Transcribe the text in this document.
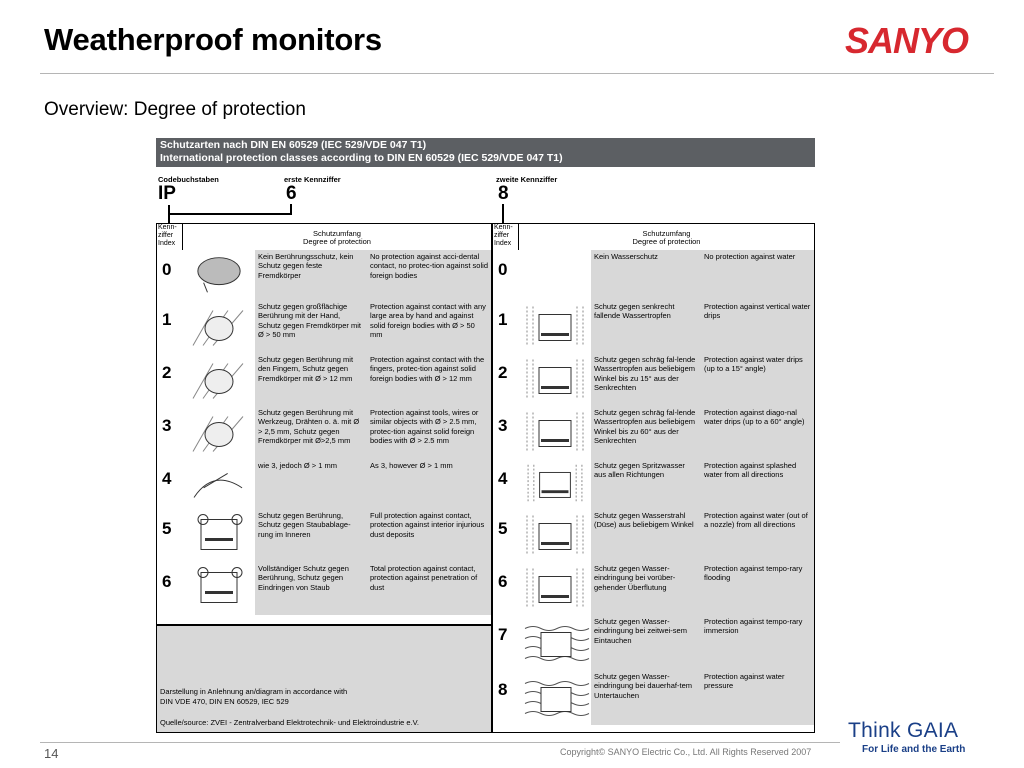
Weatherproof monitors	SANYO
Overview: Degree of protection
Schutzarten nach DIN EN 60529 (IEC 529/VDE 047 T1)
International protection classes according to DIN EN 60529 (IEC 529/VDE 047 T1)
Codebuchstaben
IP
erste Kennziffer
6
zweite Kennziffer
8
Kenn-
ziffer
Index
Schutzumfang
Degree of protection
0
Kein Berührungsschutz, kein Schutz gegen feste Fremdkörper
No protection against acci-dental contact, no protec-tion against solid foreign bodies
1
Schutz gegen großflächige Berührung mit der Hand, Schutz gegen Fremdkörper mit Ø > 50 mm
Protection against contact with any large area by hand and against solid foreign bodies with Ø > 50 mm
2
Schutz gegen Berührung mit den Fingern, Schutz gegen Fremdkörper mit Ø > 12 mm
Protection against contact with the fingers, protec-tion against solid foreign bodies with Ø > 12 mm
3
Schutz gegen Berührung mit Werkzeug, Drähten o. ä. mit Ø > 2,5 mm, Schutz gegen Fremdkörper mit Ø>2,5 mm
Protection against tools, wires or similar objects with Ø > 2.5 mm, protec-tion against solid foreign bodies with Ø > 2.5 mm
4
wie 3, jedoch Ø > 1 mm	As 3, however Ø > 1 mm
5
Schutz gegen Berührung, Schutz gegen Staubablage-rung im Inneren
Full protection against contact, protection against interior injurious dust deposits
6
Vollständiger Schutz gegen Berührung, Schutz gegen Eindringen von Staub
Total protection against contact, protection against penetration of dust
Kenn-
ziffer
Index
Schutzumfang
Degree of protection
0
Kein Wasserschutz	No protection against water
1
Schutz gegen senkrecht fallende Wassertropfen
Protection against vertical water drips
2
Schutz gegen schräg fal-lende Wassertropfen aus beliebigem Winkel bis zu 15° aus der Senkrechten
Protection against water drips (up to a 15° angle)
3
Schutz gegen schräg fal-lende Wassertropfen aus beliebigem Winkel bis zu 60° aus der Senkrechten
Protection against diago-nal water drips (up to a 60° angle)
4
Schutz gegen Spritzwasser aus allen Richtungen
Protection against splashed water from all directions
5
Schutz gegen Wasserstrahl (Düse) aus beliebigem Winkel
Protection against water (out of a nozzle) from all directions
6
Schutz gegen Wasser-eindringung bei vorüber-gehender Überflutung
Protection against tempo-rary flooding
7
Schutz gegen Wasser-eindringung bei zeitwei-sem Eintauchen
Protection against tempo-rary immersion
8
Schutz gegen Wasser-eindringung bei dauerhaf-tem Untertauchen
Protection against water pressure
Darstellung in Anlehnung an/diagram in accordance with
DIN VDE 470, DIN EN 60529, IEC 529
Quelle/source: ZVEI - Zentralverband Elektrotechnik- und Elektroindustrie e.V.
14	Copyright© SANYO Electric Co., Ltd. All Rights Reserved 2007
Think GAIA
For Life and the Earth
